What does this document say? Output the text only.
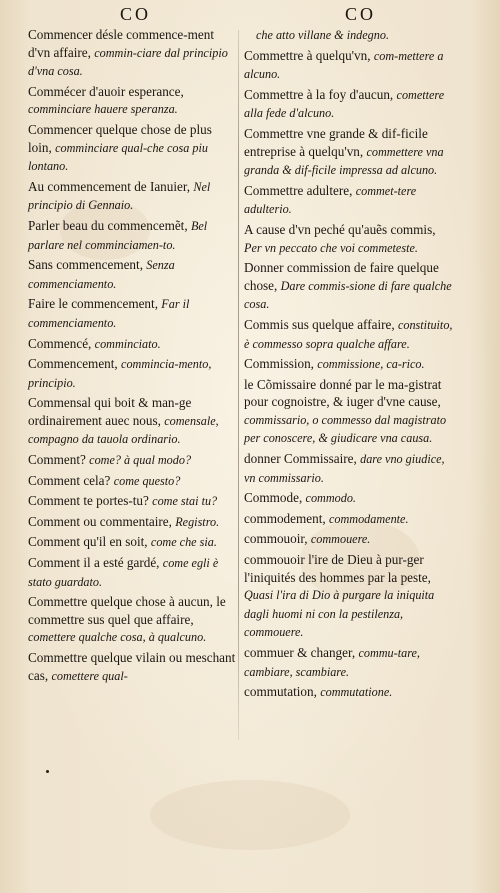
CO	CO
Commencer désle commence-ment d'vn affaire, commin-ciare dal principio d'vna cosa.
Commécer d'auoir esperance, comminciare hauere speranza.
Commencer quelque chose de plus loin, comminciare qual-che cosa piu lontano.
Au commencement de Ianuier, Nel principio di Gennaio.
Parler beau du commencemẽt, Bel parlare nel comminciamen-to.
Sans commencement, Senza commenciamento.
Faire le commencement, Far il commenciamento.
Commencé, comminciato.
Commencement, commincia-mento, principio.
Commensal qui boit & man-ge ordinairement auec nous, comensale, compagno da tauola ordinario.
Comment? come? à qual modo?
Comment cela? come questo?
Comment te portes-tu? come stai tu?
Comment ou commentaire, Registro.
Comment qu'il en soit, come che sia.
Comment il a esté gardé, come egli è stato guardato.
Commettre quelque chose à aucun, le commettre sus quel que affaire, comettere qualche cosa, à qualcuno.
Commettre quelque vilain ou meschant cas, comettere qual-
che atto villane & indegno.
Commettre à quelqu'vn, com-mettere a alcuno.
Commettre à la foy d'aucun, comettere alla fede d'alcuno.
Commettre vne grande & dif-ficile entreprise à quelqu'vn, commettere vna granda & dif-ficile impressa ad alcuno.
Commettre adultere, commet-tere adulterio.
A cause d'vn peché qu'auẽs commis, Per vn peccato che voi commeteste.
Donner commission de faire quelque chose, Dare commis-sione di fare qualche cosa.
Commis sus quelque affaire, constituito, è commesso sopra qualche affare.
Commission, commissione, ca-rico.
le Cõmissaire donné par le ma-gistrat pour cognoistre, & iuger d'vne cause, commissario, o commesso dal magistrato per conoscere, & giudicare vna causa.
donner Commissaire, dare vno giudice, vn commissario.
Commode, commodo.
commodement, commodamente.
commouoir, commouere.
commouoir l'ire de Dieu à pur-ger l'iniquités des hommes par la peste, Quasi l'ira di Dio à purgare la iniquita dagli huomi ni con la pestilenza, commouere.
commuer & changer, commu-tare, cambiare, scambiare.
commutation, commutatione.
